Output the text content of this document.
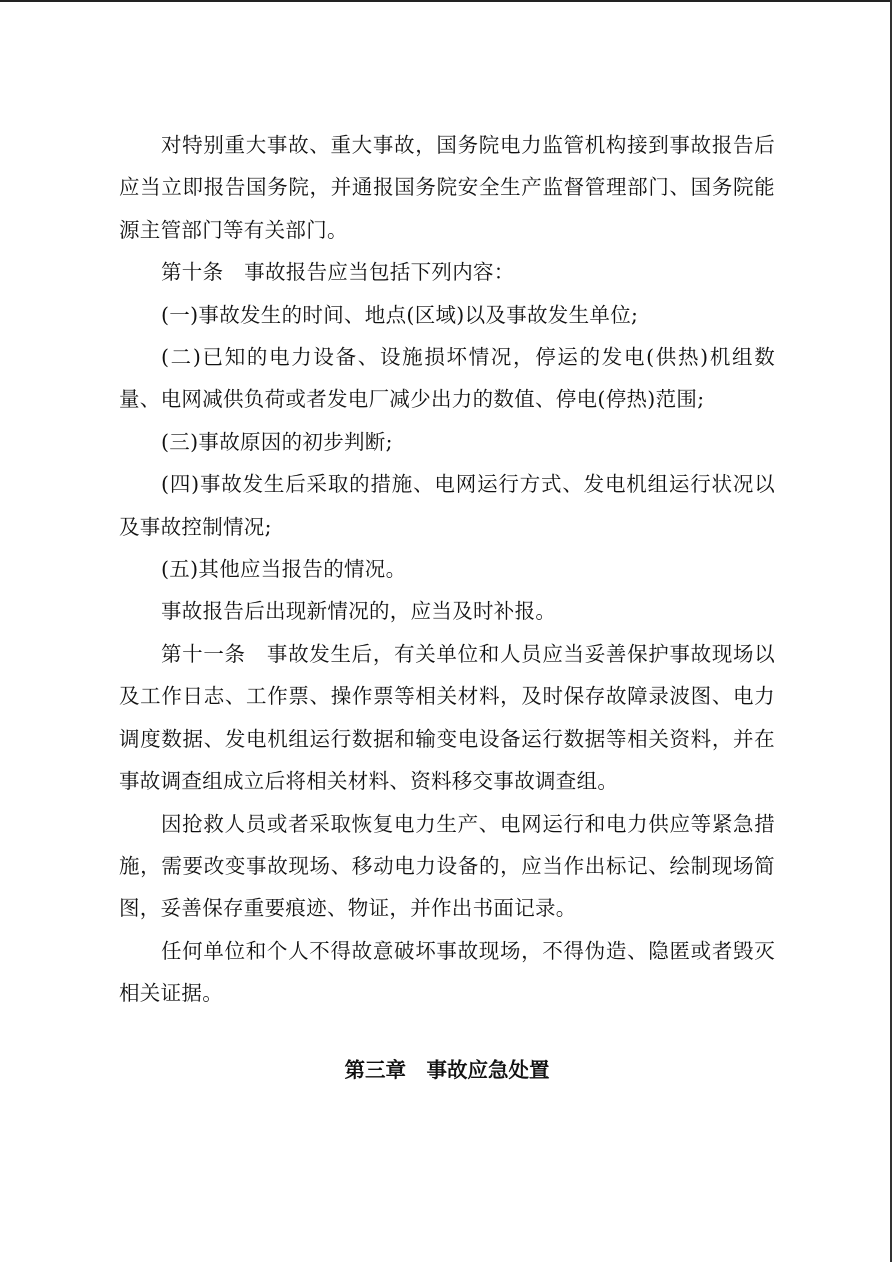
对特别重大事故、重大事故，国务院电力监管机构接到事故报告后应当立即报告国务院，并通报国务院安全生产监督管理部门、国务院能源主管部门等有关部门。

第十条　事故报告应当包括下列内容：

(一)事故发生的时间、地点(区域)以及事故发生单位;

(二)已知的电力设备、设施损坏情况，停运的发电(供热)机组数量、电网减供负荷或者发电厂减少出力的数值、停电(停热)范围;

(三)事故原因的初步判断;

(四)事故发生后采取的措施、电网运行方式、发电机组运行状况以及事故控制情况;

(五)其他应当报告的情况。

事故报告后出现新情况的，应当及时补报。

第十一条　事故发生后，有关单位和人员应当妥善保护事故现场以及工作日志、工作票、操作票等相关材料，及时保存故障录波图、电力调度数据、发电机组运行数据和输变电设备运行数据等相关资料，并在事故调查组成立后将相关材料、资料移交事故调查组。

因抢救人员或者采取恢复电力生产、电网运行和电力供应等紧急措施，需要改变事故现场、移动电力设备的，应当作出标记、绘制现场简图，妥善保存重要痕迹、物证，并作出书面记录。

任何单位和个人不得故意破坏事故现场，不得伪造、隐匿或者毁灭相关证据。

第三章　事故应急处置
